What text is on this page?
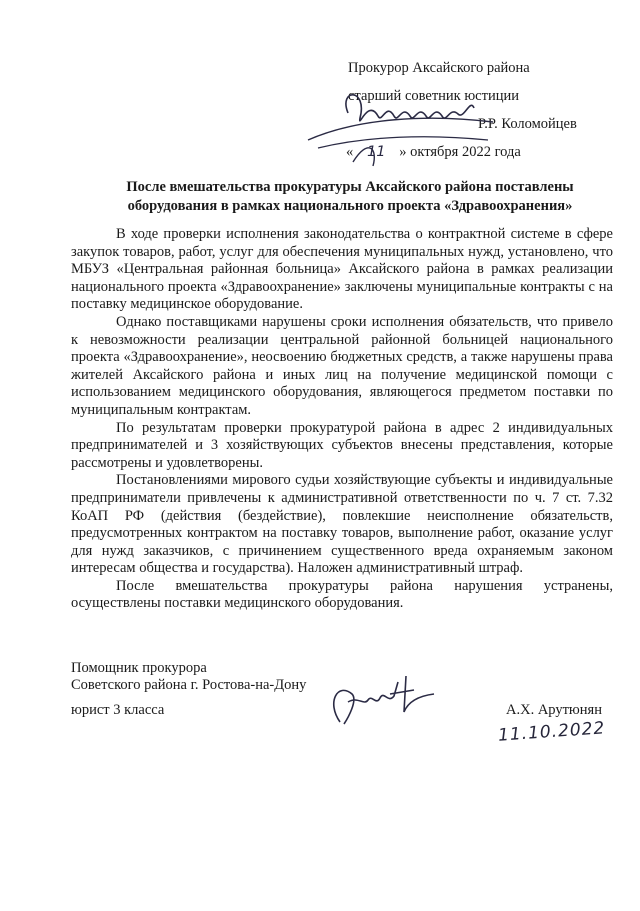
Прокурор Аксайского района
старший советник юстиции
Р.Р. Коломойцев
« 11 » октября 2022 года
После вмешательства прокуратуры Аксайского района поставлены оборудования в рамках национального проекта «Здравоохранения»

В ходе проверки исполнения законодательства о контрактной системе в сфере закупок товаров, работ, услуг для обеспечения муниципальных нужд, установлено, что МБУЗ «Центральная районная больница» Аксайского района в рамках реализации национального проекта «Здравоохранение» заключены муниципальные контракты с на поставку медицинское оборудование.

Однако поставщиками нарушены сроки исполнения обязательств, что привело к невозможности реализации центральной районной больницей национального проекта «Здравоохранение», неосвоению бюджетных средств, а также нарушены права жителей Аксайского района и иных лиц на получение медицинской помощи с использованием медицинского оборудования, являющегося предметом поставки по муниципальным контрактам.

По результатам проверки прокуратурой района в адрес 2 индивидуальных предпринимателей и 3 хозяйствующих субъектов внесены представления, которые рассмотрены и удовлетворены.

Постановлениями мирового судьи хозяйствующие субъекты и индивидуальные предприниматели привлечены к административной ответственности по ч. 7 ст. 7.32 КоАП РФ (действия (бездействие), повлекшие неисполнение обязательств, предусмотренных контрактом на поставку товаров, выполнение работ, оказание услуг для нужд заказчиков, с причинением существенного вреда охраняемым законом интересам общества и государства). Наложен административный штраф.

После вмешательства прокуратуры района нарушения устранены, осуществлены поставки медицинского оборудования.

Помощник прокурора
Советского района г. Ростова-на-Дону
юрист 3 класса	А.Х. Арутюнян
11.10.2022
